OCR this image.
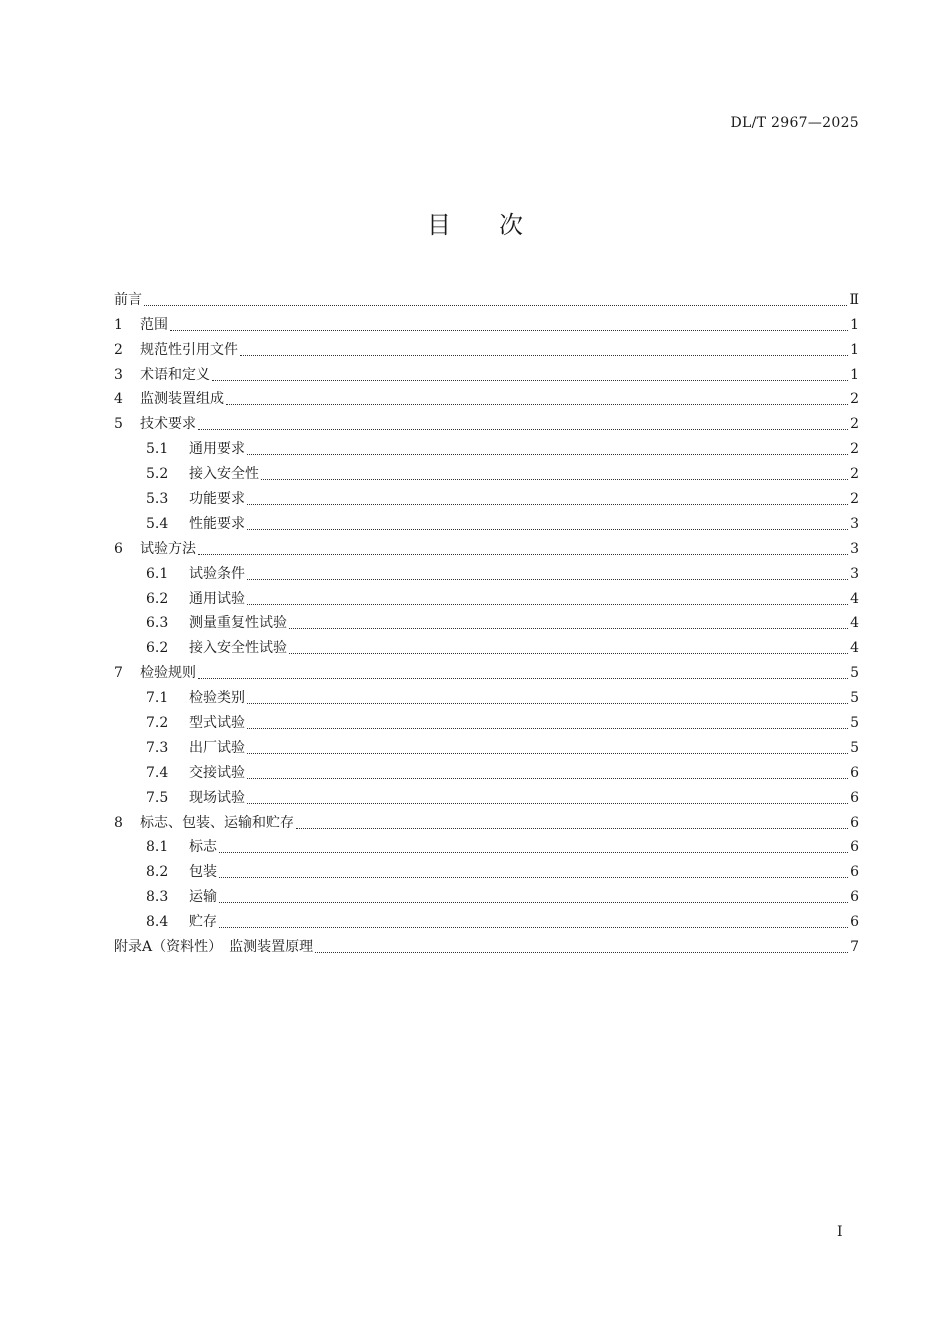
DL/T 2967—2025
目次
前言	Ⅱ
1	范围	1
2	规范性引用文件	1
3	术语和定义	1
4	监测装置组成	2
5	技术要求	2
5.1	通用要求	2
5.2	接入安全性	2
5.3	功能要求	2
5.4	性能要求	3
6	试验方法	3
6.1	试验条件	3
6.2	通用试验	4
6.3	测量重复性试验	4
6.2	接入安全性试验	4
7	检验规则	5
7.1	检验类别	5
7.2	型式试验	5
7.3	出厂试验	5
7.4	交接试验	6
7.5	现场试验	6
8	标志、包装、运输和贮存	6
8.1	标志	6
8.2	包装	6
8.3	运输	6
8.4	贮存	6
附录A（资料性）　监测装置原理	7
I
